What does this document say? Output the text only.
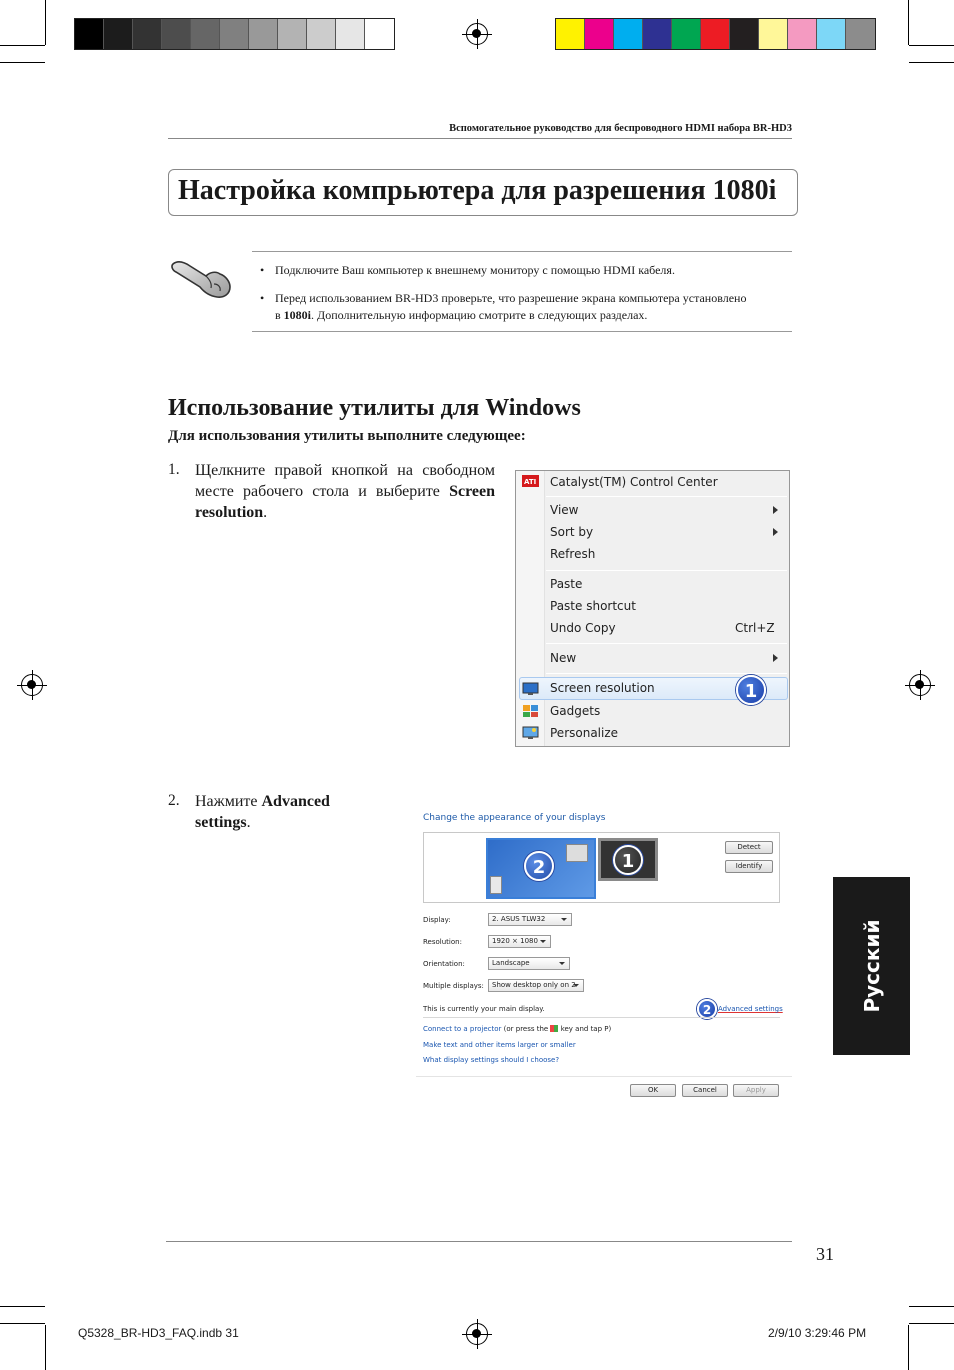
Вспомогательное руководство для беспроводного HDMI набора BR-HD3
Настройка компрьютера для разрешения 1080i
• Подключите Ваш компьютер к внешнему монитору с помощью HDMI кабеля.
• Перед использованием BR-HD3 проверьте, что разрешение экрана компьютера установлено
в 1080i. Дополнительную информацию смотрите в следующих разделах.
Использование утилиты для Windows
Для использования утилиты выполните следующее:
1. Щелкните правой кнопкой на свободном месте рабочего стола и выберите Screen resolution.
ATI Catalyst(TM) Control Center
View
Sort by
Refresh
Paste
Paste shortcut
Undo Copy	Ctrl+Z
New
Screen resolution
Gadgets
Personalize
1
2. Нажмите Advanced settings.	Change the appearance of your displays
2	1
Detect
Identify
Display:	2. ASUS TLW32
Resolution:	1920 × 1080
Orientation:	Landscape
Multiple displays:	Show desktop only on 2
This is currently your main display.	2 Advanced settings
Connect to a projector (or press the  key and tap P)
Make text and other items larger or smaller
What display settings should I choose?
OK	Cancel	Apply
Русский
31
Q5328_BR-HD3_FAQ.indb 31	2/9/10 3:29:46 PM
